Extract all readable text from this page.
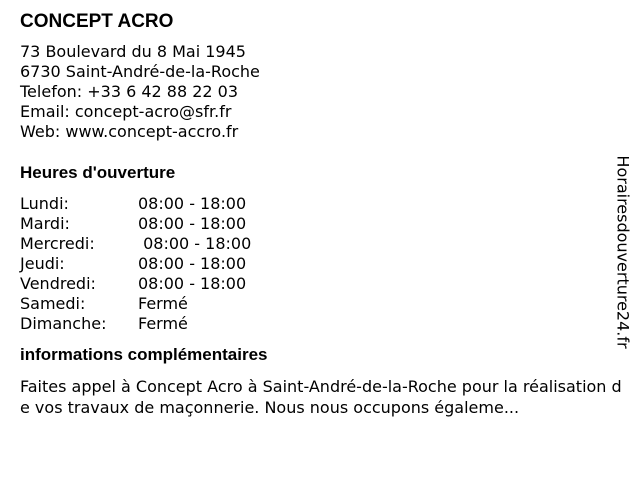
CONCEPT ACRO
73 Boulevard du 8 Mai 1945
6730 Saint-André-de-la-Roche
Telefon: +33 6 42 88 22 03
Email: concept-acro@sfr.fr
Web: www.concept-accro.fr
Heures d'ouverture
Lundi:	08:00 - 18:00
Mardi:	08:00 - 18:00
Mercredi:	08:00 - 18:00
Jeudi:	08:00 - 18:00
Vendredi:	08:00 - 18:00
Samedi:	Fermé
Dimanche:	Fermé
informations complémentaires
Faites appel à Concept Acro à Saint-André-de-la-Roche pour la réalisation de vos travaux de maçonnerie. Nous nous occupons égaleme...
Horairesdouverture24.fr
